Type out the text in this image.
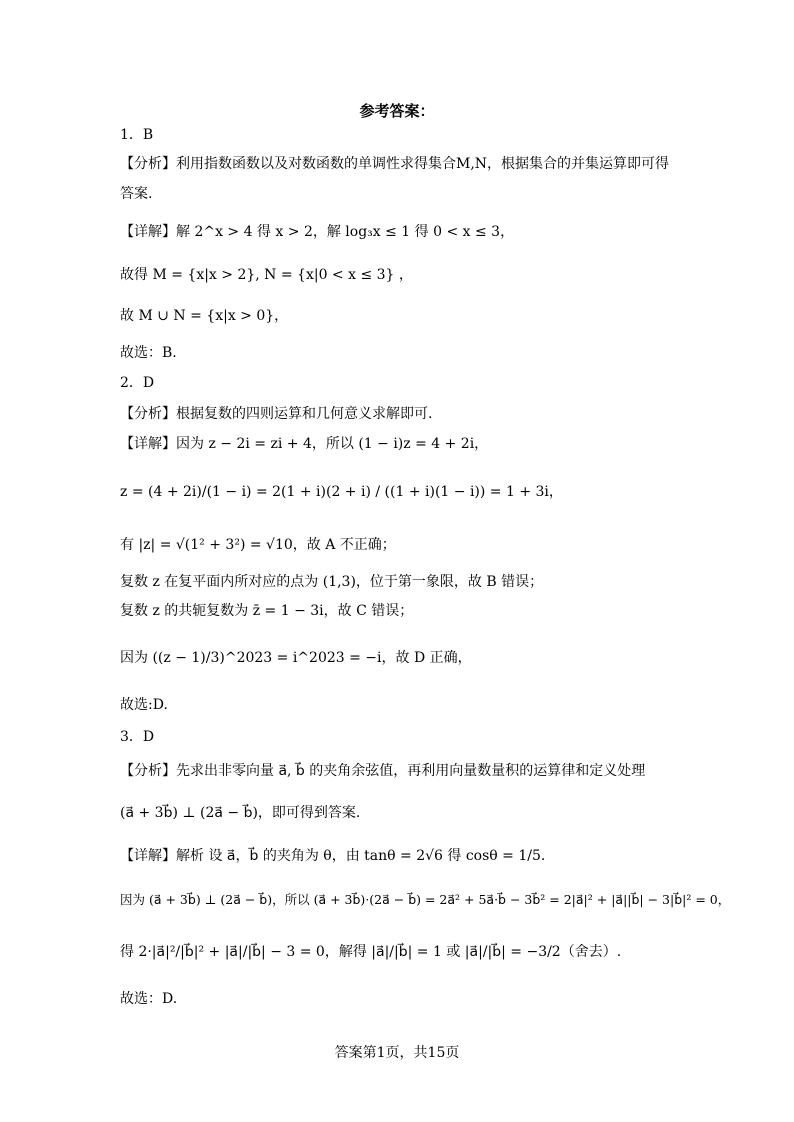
参考答案：
1．B
【分析】利用指数函数以及对数函数的单调性求得集合M,N，根据集合的并集运算即可得
答案.
【详解】解 2^x > 4 得 x > 2，解 log₃x ≤ 1 得 0 < x ≤ 3，
故得 M = {x|x > 2}, N = {x|0 < x ≤ 3} ，
故 M ∪ N = {x|x > 0}，
故选：B.
2．D
【分析】根据复数的四则运算和几何意义求解即可.
【详解】因为 z − 2i = zi + 4，所以 (1 − i)z = 4 + 2i，
z = (4 + 2i)/(1 − i) = 2(1 + i)(2 + i) / ((1 + i)(1 − i)) = 1 + 3i，
有 |z| = √(1² + 3²) = √10，故 A 不正确；
复数 z 在复平面内所对应的点为 (1,3)，位于第一象限，故 B 错误；
复数 z 的共轭复数为 z̄ = 1 − 3i，故 C 错误；
因为 ((z − 1)/3)^2023 = i^2023 = −i，故 D 正确，
故选:D.
3．D
【分析】先求出非零向量 a⃗, b⃗ 的夹角余弦值，再利用向量数量积的运算律和定义处理
(a⃗ + 3b⃗) ⊥ (2a⃗ − b⃗)，即可得到答案.
【详解】解析 设 a⃗，b⃗ 的夹角为 θ，由 tanθ = 2√6 得 cosθ = 1/5.
因为 (a⃗ + 3b⃗) ⊥ (2a⃗ − b⃗)，所以 (a⃗ + 3b⃗)·(2a⃗ − b⃗) = 2a⃗² + 5a⃗·b⃗ − 3b⃗² = 2|a⃗|² + |a⃗||b⃗| − 3|b⃗|² = 0，
得 2·|a⃗|²/|b⃗|² + |a⃗|/|b⃗| − 3 = 0，解得 |a⃗|/|b⃗| = 1 或 |a⃗|/|b⃗| = −3/2（舍去）.
故选：D.
答案第1页，共15页
